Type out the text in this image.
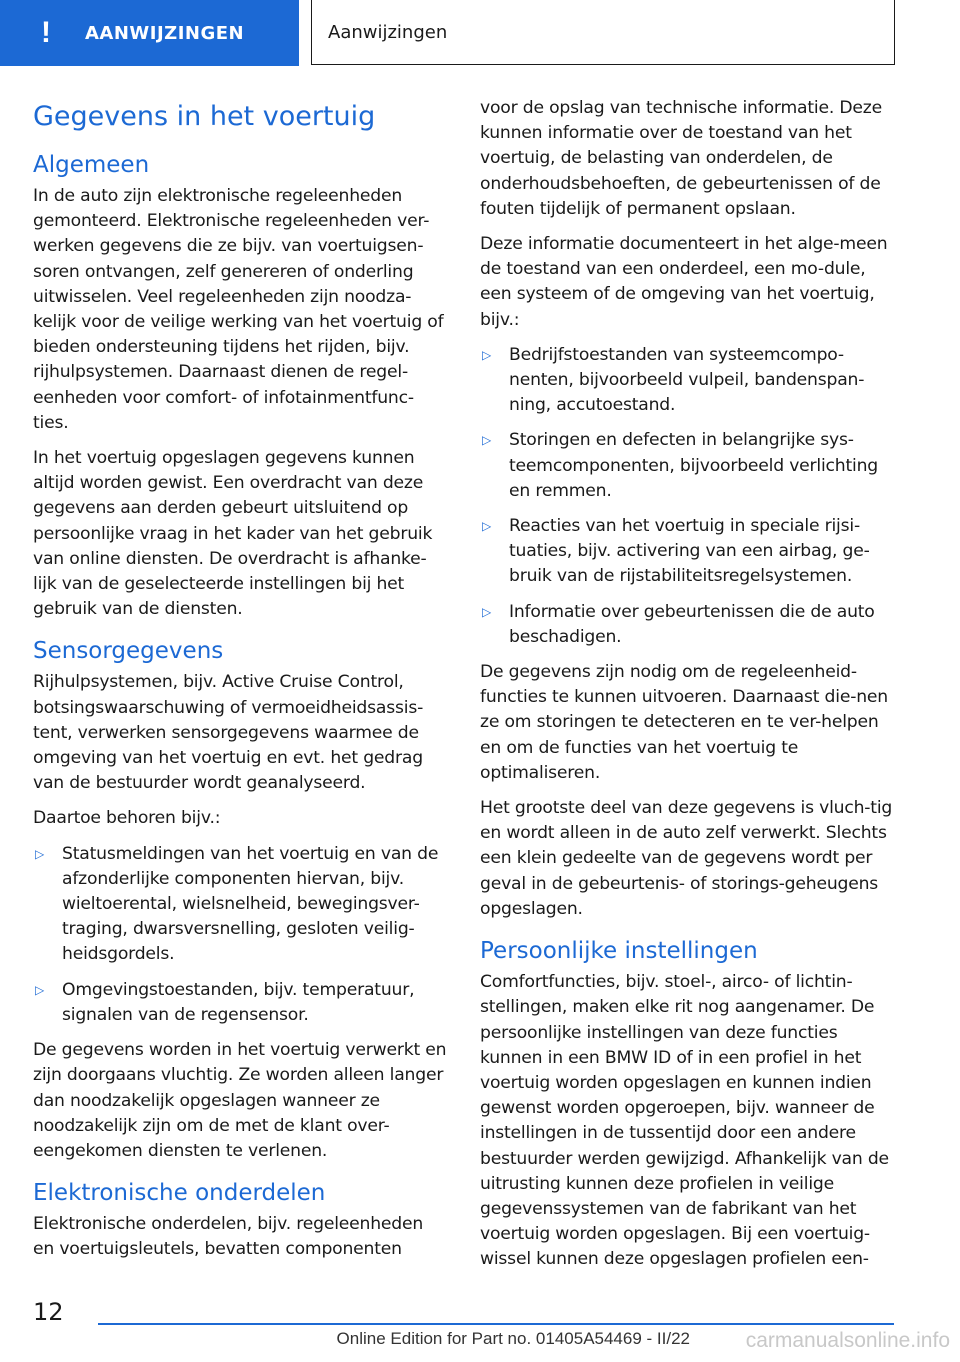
!	AANWIJZINGEN	Aanwijzingen
Gegevens in het voertuig
Algemeen

In de auto zijn elektronische regeleenheden gemonteerd. Elektronische regeleenheden ver-werken gegevens die ze bijv. van voertuigsen-soren ontvangen, zelf genereren of onderling uitwisselen. Veel regeleenheden zijn noodza-kelijk voor de veilige werking van het voertuig of bieden ondersteuning tijdens het rijden, bijv. rijhulpsystemen. Daarnaast dienen de regel-eenheden voor comfort- of infotainmentfunc-ties.

In het voertuig opgeslagen gegevens kunnen altijd worden gewist. Een overdracht van deze gegevens aan derden gebeurt uitsluitend op persoonlijke vraag in het kader van het gebruik van online diensten. De overdracht is afhanke-lijk van de geselecteerde instellingen bij het gebruik van de diensten.

Sensorgegevens

Rijhulpsystemen, bijv. Active Cruise Control, botsingswaarschuwing of vermoeidheidsassis-tent, verwerken sensorgegevens waarmee de omgeving van het voertuig en evt. het gedrag van de bestuurder wordt geanalyseerd.

Daartoe behoren bijv.:

▷ Statusmeldingen van het voertuig en van de afzonderlijke componenten hiervan, bijv. wieltoerental, wielsnelheid, bewegingsver-traging, dwarsversnelling, gesloten veilig-heidsgordels.
▷ Omgevingstoestanden, bijv. temperatuur, signalen van de regensensor.

De gegevens worden in het voertuig verwerkt en zijn doorgaans vluchtig. Ze worden alleen langer dan noodzakelijk opgeslagen wanneer ze noodzakelijk zijn om de met de klant over-eengekomen diensten te verlenen.

Elektronische onderdelen

Elektronische onderdelen, bijv. regeleenheden en voertuigsleutels, bevatten componenten

voor de opslag van technische informatie. Deze kunnen informatie over de toestand van het voertuig, de belasting van onderdelen, de onderhoudsbehoeften, de gebeurtenissen of de fouten tijdelijk of permanent opslaan.

Deze informatie documenteert in het alge-meen de toestand van een onderdeel, een mo-dule, een systeem of de omgeving van het voertuig, bijv.:

▷ Bedrijfstoestanden van systeemcompo-nenten, bijvoorbeeld vulpeil, bandenspan-ning, accutoestand.
▷ Storingen en defecten in belangrijke sys-teemcomponenten, bijvoorbeeld verlichting en remmen.
▷ Reacties van het voertuig in speciale rijsi-tuaties, bijv. activering van een airbag, ge-bruik van de rijstabiliteitsregelsystemen.
▷ Informatie over gebeurtenissen die de auto beschadigen.

De gegevens zijn nodig om de regeleenheid-functies te kunnen uitvoeren. Daarnaast die-nen ze om storingen te detecteren en te ver-helpen en om de functies van het voertuig te optimaliseren.

Het grootste deel van deze gegevens is vluch-tig en wordt alleen in de auto zelf verwerkt. Slechts een klein gedeelte van de gegevens wordt per geval in de gebeurtenis- of storings-geheugens opgeslagen.

Persoonlijke instellingen

Comfortfuncties, bijv. stoel-, airco- of lichtin-stellingen, maken elke rit nog aangenamer. De persoonlijke instellingen van deze functies kunnen in een BMW ID of in een profiel in het voertuig worden opgeslagen en kunnen indien gewenst worden opgeroepen, bijv. wanneer de instellingen in de tussentijd door een andere bestuurder werden gewijzigd. Afhankelijk van de uitrusting kunnen deze profielen in veilige gegevenssystemen van de fabrikant van het voertuig worden opgeslagen. Bij een voertuig-wissel kunnen deze opgeslagen profielen een-

12
Online Edition for Part no. 01405A54469 - II/22	carmanualsonline.info
